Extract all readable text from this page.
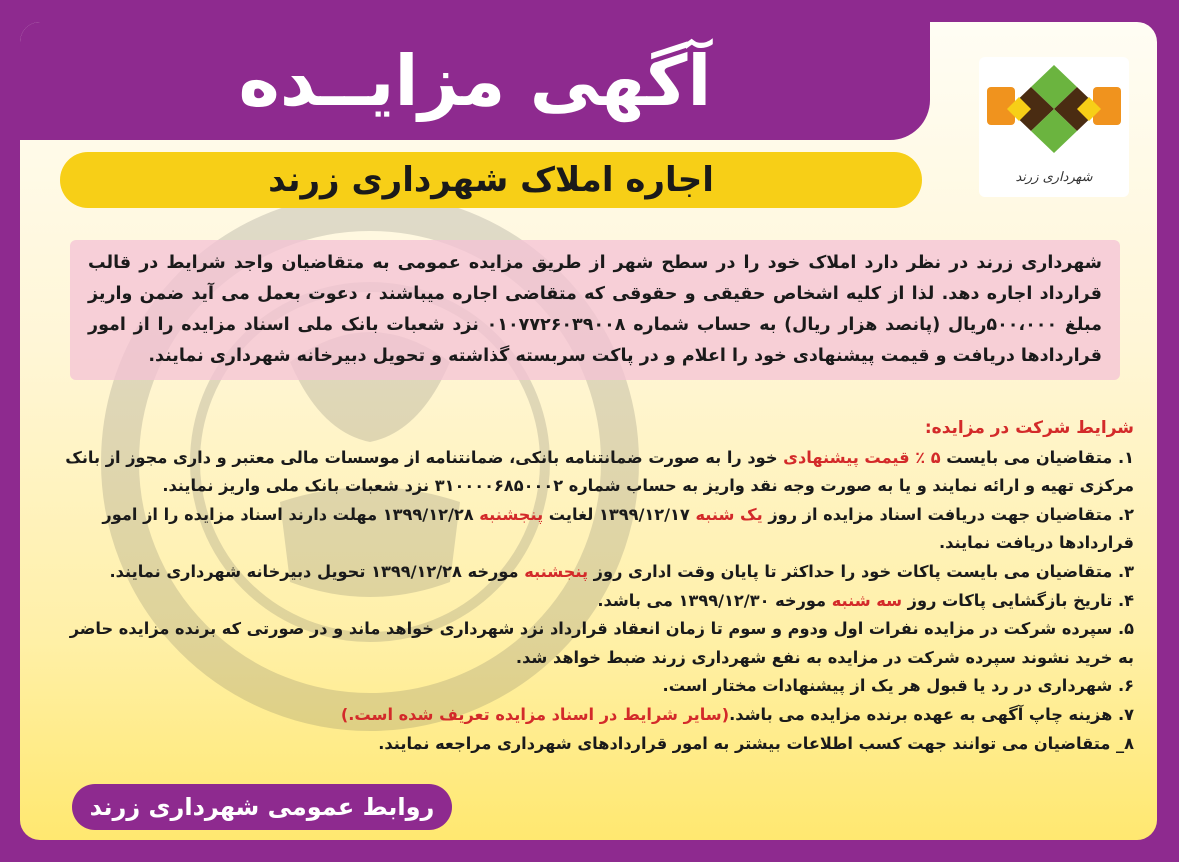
آگهی مزایــده
شهرداری زرند
اجاره املاک شهرداری زرند
شهرداری زرند در نظر دارد املاک خود را در سطح شهر از طریق مزایده عمومی به متقاضیان واجد شرایط در قالب قرارداد اجاره دهد. لذا از کلیه اشخاص حقیقی و حقوقی که متقاضی اجاره میباشند ، دعوت بعمل می آید ضمن واریز مبلغ ۵۰۰،۰۰۰ریال (پانصد هزار ریال) به حساب شماره ۰۱۰۷۷۲۶۰۳۹۰۰۸ نزد شعبات بانک ملی اسناد مزایده را از امور قراردادها دریافت و قیمت پیشنهادی خود را اعلام و در پاکت سربسته گذاشته و تحویل دبیرخانه شهرداری نمایند.
شرایط شرکت در مزایده:

۱. متقاضیان می بایست ۵ ٪ قیمت پیشنهادی خود را به صورت ضمانتنامه بانکی، ضمانتنامه از موسسات مالی معتبر و داری مجوز از بانک مرکزی تهیه و ارائه نمایند و یا به صورت وجه نقد واریز به حساب شماره ۳۱۰۰۰۰۶۸۵۰۰۰۲ نزد شعبات بانک ملی واریز نمایند.

۲. متقاضیان جهت دریافت اسناد مزایده از روز یک شنبه ۱۳۹۹/۱۲/۱۷ لغایت پنجشنبه ۱۳۹۹/۱۲/۲۸ مهلت دارند اسناد مزایده را از امور قراردادها دریافت نمایند.

۳. متقاضیان می بایست پاکات خود را حداکثر تا پایان وقت اداری روز پنجشنبه مورخه ۱۳۹۹/۱۲/۲۸ تحویل دبیرخانه شهرداری نمایند.

۴. تاریخ بازگشایی پاکات روز سه شنبه مورخه ۱۳۹۹/۱۲/۳۰ می باشد.

۵. سپرده شرکت در مزایده نفرات اول ودوم و سوم تا زمان انعقاد قرارداد نزد شهرداری خواهد ماند و در صورتی که برنده مزایده حاضر به خرید نشوند سپرده شرکت در مزایده به نفع شهرداری زرند ضبط خواهد شد.

۶. شهرداری در رد یا قبول هر یک از پیشنهادات مختار است.

۷. هزینه چاپ آگهی به عهده برنده مزایده می باشد.(سایر شرایط در اسناد مزایده تعریف شده است.)

۸_ متقاضیان می توانند جهت کسب اطلاعات بیشتر به امور قراردادهای شهرداری مراجعه نمایند.

روابط عمومی شهرداری زرند
